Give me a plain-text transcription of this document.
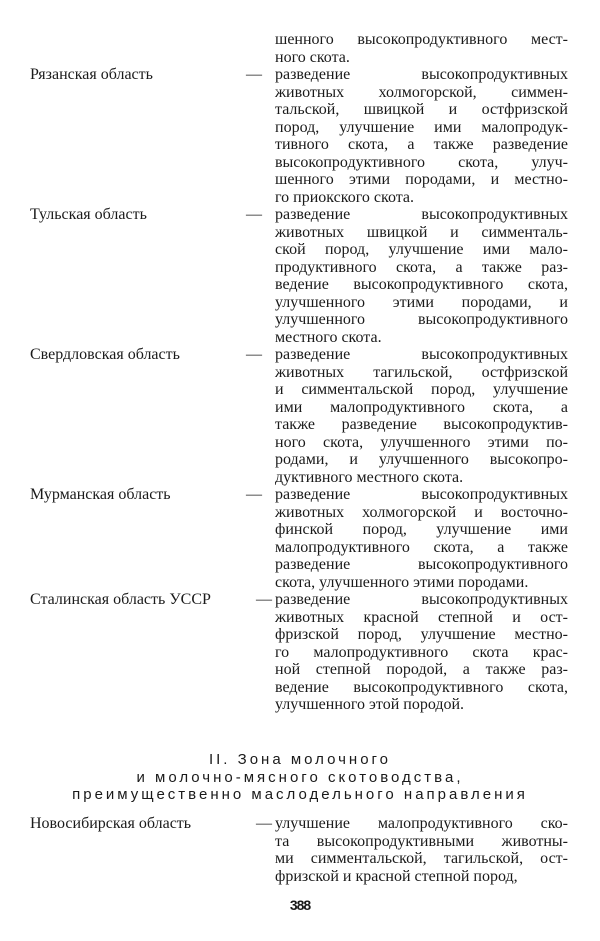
шенного высокопродуктивного мест-
ного скота.
Рязанская область	— разведение высокопродуктивных
животных холмогорской, симмен-
тальской, швицкой и остфризской
пород, улучшение ими малопродук-
тивного скота, а также разведение
высокопродуктивного скота, улуч-
шенного этими породами, и местно-
го приокского скота.
Тульская область	— разведение высокопродуктивных
животных швицкой и симменталь-
ской пород, улучшение ими мало-
продуктивного скота, а также раз-
ведение высокопродуктивного скота,
улучшенного этими породами, и
улучшенного высокопродуктивного
местного скота.
Свердловская область	— разведение высокопродуктивных
животных тагильской, остфризской
и симментальской пород, улучшение
ими малопродуктивного скота, а
также разведение высокопродуктив-
ного скота, улучшенного этими по-
родами, и улучшенного высокопро-
дуктивного местного скота.
Мурманская область	— разведение высокопродуктивных
животных холмогорской и восточно-
финской пород, улучшение ими
малопродуктивного скота, а также
разведение высокопродуктивного
скота, улучшенного этими породами.
Сталинская область УССР	— разведение высокопродуктивных
животных красной степной и ост-
фризской пород, улучшение местно-
го малопродуктивного скота крас-
ной степной породой, а также раз-
ведение высокопродуктивного скота,
улучшенного этой породой.
II. Зона молочного
и молочно-мясного скотоводства,
преимущественно маслодельного направления
Новосибирская область	— улучшение малопродуктивного ско-
та высокопродуктивными животны-
ми симментальской, тагильской, ост-
фризской и красной степной пород,
388
